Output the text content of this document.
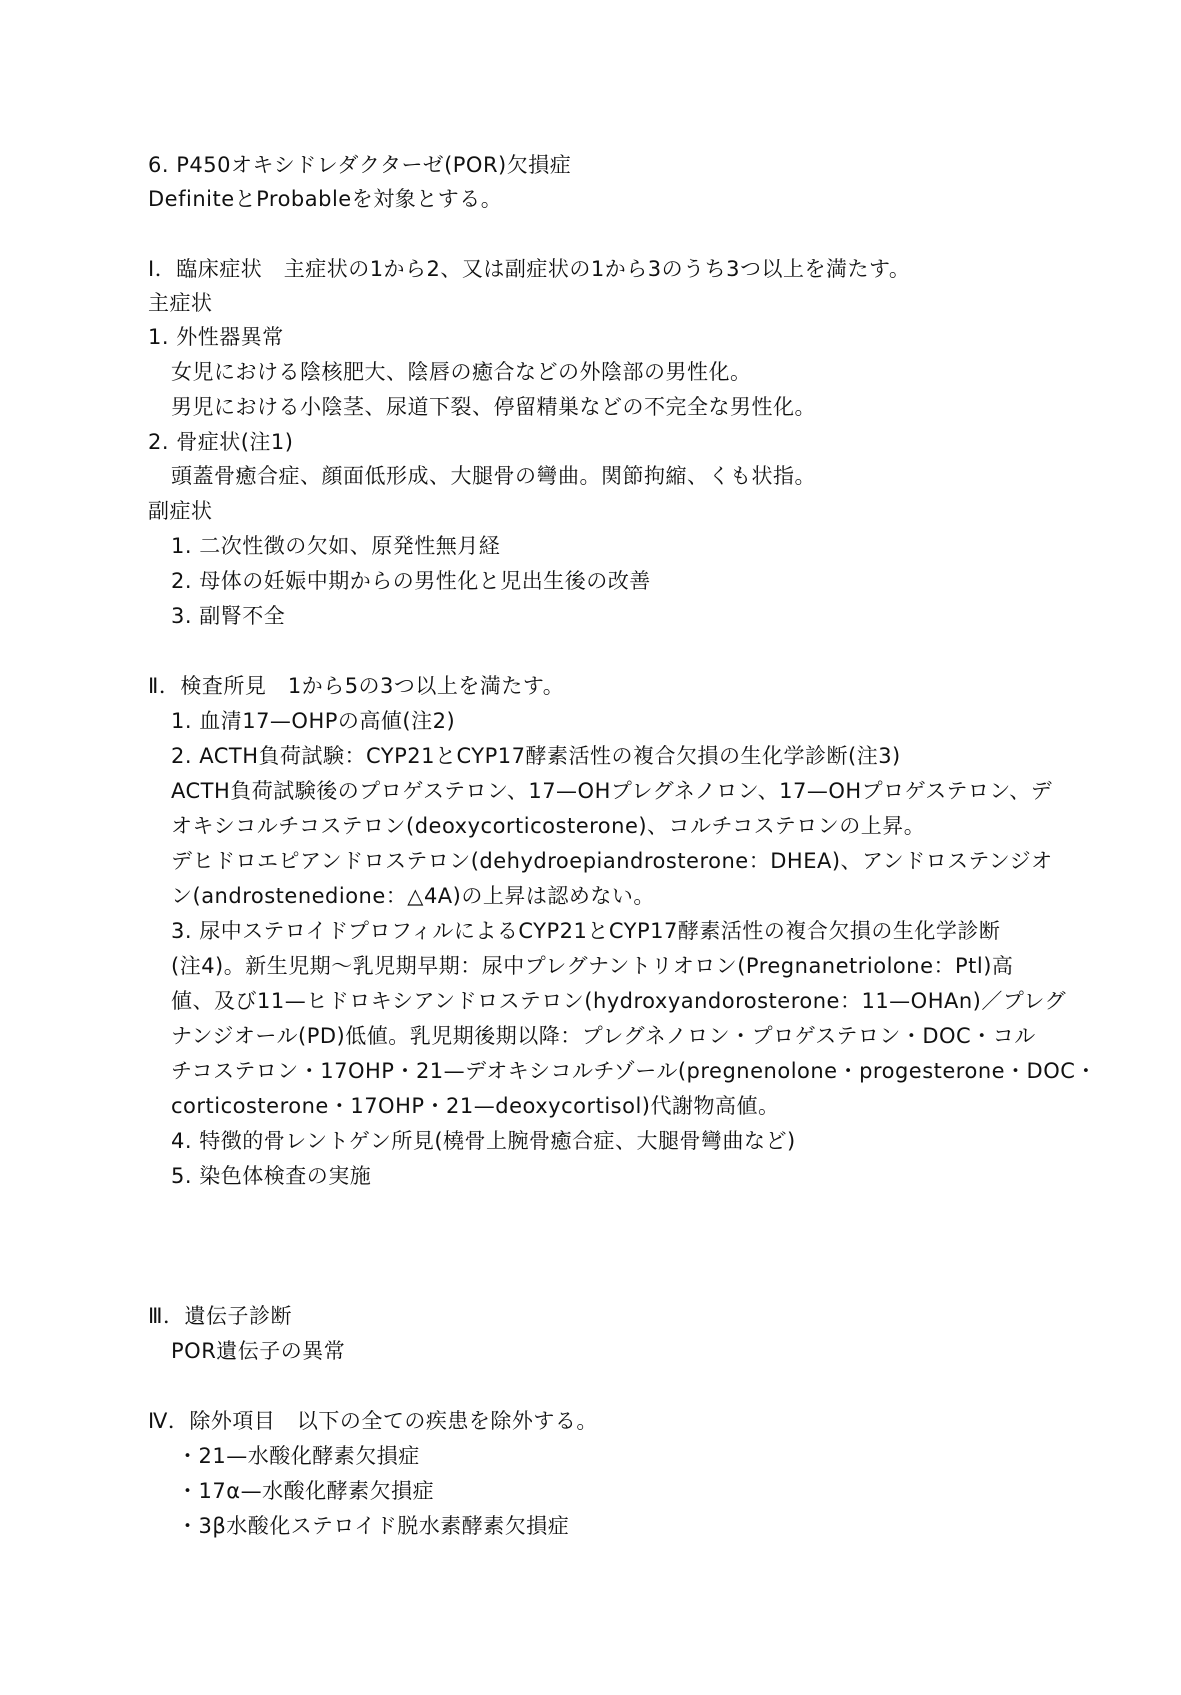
6. P450オキシドレダクターゼ(POR)欠損症
DefiniteとProbableを対象とする。
Ⅰ．臨床症状　主症状の1から2、又は副症状の1から3のうち3つ以上を満たす。
主症状
1. 外性器異常
女児における陰核肥大、陰唇の癒合などの外陰部の男性化。
男児における小陰茎、尿道下裂、停留精巣などの不完全な男性化。
2. 骨症状(注1)
頭蓋骨癒合症、顔面低形成、大腿骨の彎曲。関節拘縮、くも状指。
副症状
1. 二次性徴の欠如、原発性無月経
2. 母体の妊娠中期からの男性化と児出生後の改善
3. 副腎不全
Ⅱ．検査所見　1から5の3つ以上を満たす。
1. 血清17—OHPの高値(注2)
2. ACTH負荷試験：CYP21とCYP17酵素活性の複合欠損の生化学診断(注3)
ACTH負荷試験後のプロゲステロン、17—OHプレグネノロン、17—OHプロゲステロン、デ
オキシコルチコステロン(deoxycorticosterone)、コルチコステロンの上昇。
デヒドロエピアンドロステロン(dehydroepiandrosterone：DHEA)、アンドロステンジオ
ン(androstenedione：△4A)の上昇は認めない。
3. 尿中ステロイドプロフィルによるCYP21とCYP17酵素活性の複合欠損の生化学診断
(注4)。新生児期～乳児期早期：尿中プレグナントリオロン(Pregnanetriolone：Ptl)高
値、及び11—ヒドロキシアンドロステロン(hydroxyandorosterone：11—OHAn)／プレグ
ナンジオール(PD)低値。乳児期後期以降：プレグネノロン・プロゲステロン・DOC・コル
チコステロン・17OHP・21—デオキシコルチゾール(pregnenolone・progesterone・DOC・
corticosterone・17OHP・21—deoxycortisol)代謝物高値。
4. 特徴的骨レントゲン所見(橈骨上腕骨癒合症、大腿骨彎曲など)
5. 染色体検査の実施
Ⅲ．遺伝子診断
POR遺伝子の異常
Ⅳ．除外項目　以下の全ての疾患を除外する。
・21—水酸化酵素欠損症
・17α—水酸化酵素欠損症
・3β水酸化ステロイド脱水素酵素欠損症
